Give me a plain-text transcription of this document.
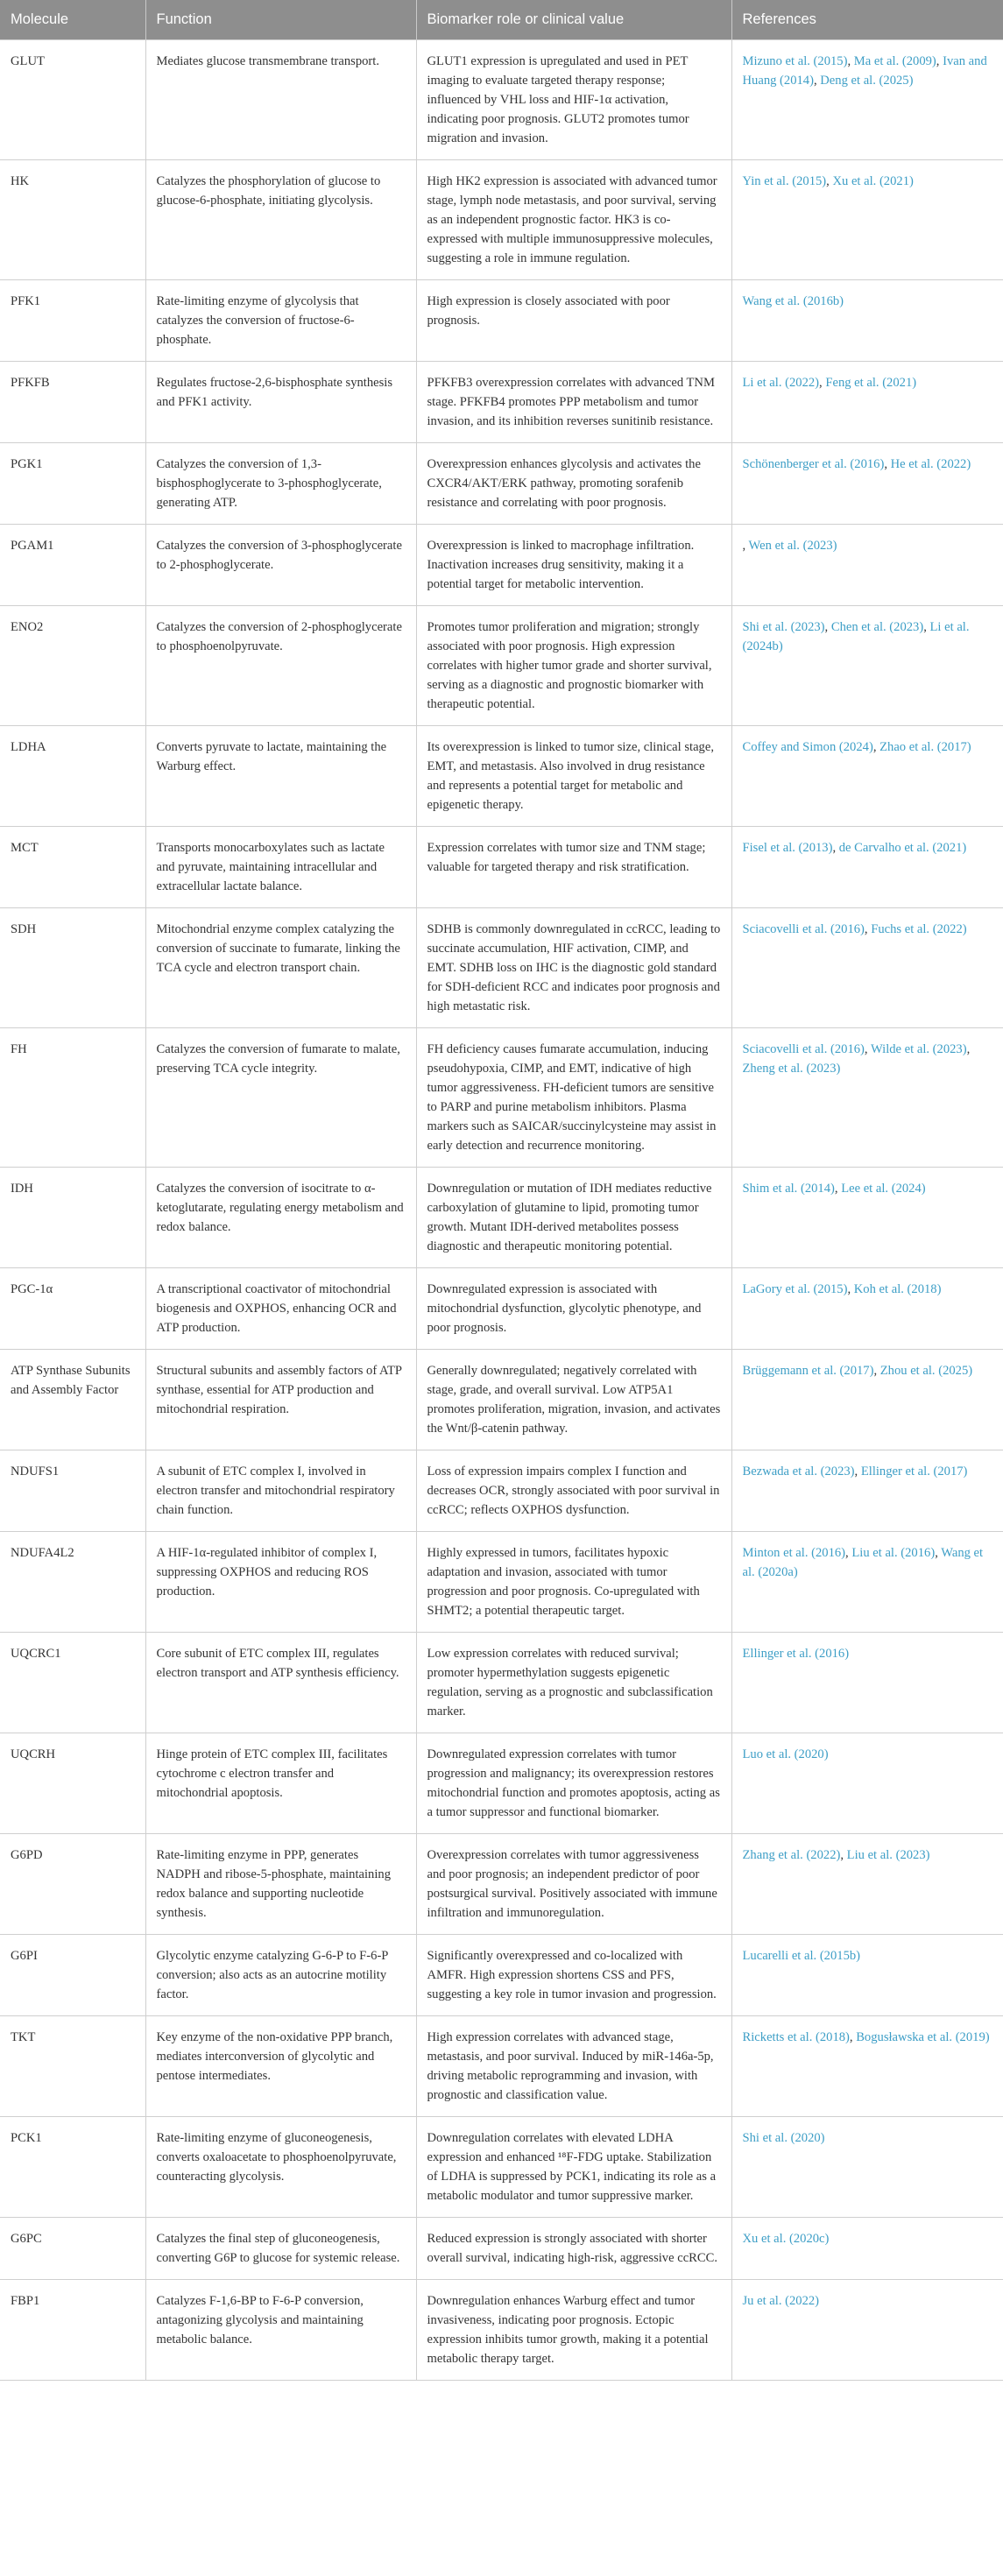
Molecule	Function	Biomarker role or clinical value	References
GLUT	Mediates glucose transmembrane transport.	GLUT1 expression is upregulated and used in PET imaging to evaluate targeted therapy response; influenced by VHL loss and HIF-1α activation, indicating poor prognosis. GLUT2 promotes tumor migration and invasion.	Mizuno et al. (2015), Ma et al. (2009), Ivan and Huang (2014), Deng et al. (2025)
HK	Catalyzes the phosphorylation of glucose to glucose-6-phosphate, initiating glycolysis.	High HK2 expression is associated with advanced tumor stage, lymph node metastasis, and poor survival, serving as an independent prognostic factor. HK3 is co-expressed with multiple immunosuppressive molecules, suggesting a role in immune regulation.	Yin et al. (2015), Xu et al. (2021)
PFK1	Rate-limiting enzyme of glycolysis that catalyzes the conversion of fructose-6-phosphate.	High expression is closely associated with poor prognosis.	Wang et al. (2016b)
PFKFB	Regulates fructose-2,6-bisphosphate synthesis and PFK1 activity.	PFKFB3 overexpression correlates with advanced TNM stage. PFKFB4 promotes PPP metabolism and tumor invasion, and its inhibition reverses sunitinib resistance.	Li et al. (2022), Feng et al. (2021)
PGK1	Catalyzes the conversion of 1,3-bisphosphoglycerate to 3-phosphoglycerate, generating ATP.	Overexpression enhances glycolysis and activates the CXCR4/AKT/ERK pathway, promoting sorafenib resistance and correlating with poor prognosis.	Schönenberger et al. (2016), He et al. (2022)
PGAM1	Catalyzes the conversion of 3-phosphoglycerate to 2-phosphoglycerate.	Overexpression is linked to macrophage infiltration. Inactivation increases drug sensitivity, making it a potential target for metabolic intervention.	, Wen et al. (2023)
ENO2	Catalyzes the conversion of 2-phosphoglycerate to phosphoenolpyruvate.	Promotes tumor proliferation and migration; strongly associated with poor prognosis. High expression correlates with higher tumor grade and shorter survival, serving as a diagnostic and prognostic biomarker with therapeutic potential.	Shi et al. (2023), Chen et al. (2023), Li et al. (2024b)
LDHA	Converts pyruvate to lactate, maintaining the Warburg effect.	Its overexpression is linked to tumor size, clinical stage, EMT, and metastasis. Also involved in drug resistance and represents a potential target for metabolic and epigenetic therapy.	Coffey and Simon (2024), Zhao et al. (2017)
MCT	Transports monocarboxylates such as lactate and pyruvate, maintaining intracellular and extracellular lactate balance.	Expression correlates with tumor size and TNM stage; valuable for targeted therapy and risk stratification.	Fisel et al. (2013), de Carvalho et al. (2021)
SDH	Mitochondrial enzyme complex catalyzing the conversion of succinate to fumarate, linking the TCA cycle and electron transport chain.	SDHB is commonly downregulated in ccRCC, leading to succinate accumulation, HIF activation, CIMP, and EMT. SDHB loss on IHC is the diagnostic gold standard for SDH-deficient RCC and indicates poor prognosis and high metastatic risk.	Sciacovelli et al. (2016), Fuchs et al. (2022)
FH	Catalyzes the conversion of fumarate to malate, preserving TCA cycle integrity.	FH deficiency causes fumarate accumulation, inducing pseudohypoxia, CIMP, and EMT, indicative of high tumor aggressiveness. FH-deficient tumors are sensitive to PARP and purine metabolism inhibitors. Plasma markers such as SAICAR/succinylcysteine may assist in early detection and recurrence monitoring.	Sciacovelli et al. (2016), Wilde et al. (2023), Zheng et al. (2023)
IDH	Catalyzes the conversion of isocitrate to α-ketoglutarate, regulating energy metabolism and redox balance.	Downregulation or mutation of IDH mediates reductive carboxylation of glutamine to lipid, promoting tumor growth. Mutant IDH-derived metabolites possess diagnostic and therapeutic monitoring potential.	Shim et al. (2014), Lee et al. (2024)
PGC-1α	A transcriptional coactivator of mitochondrial biogenesis and OXPHOS, enhancing OCR and ATP production.	Downregulated expression is associated with mitochondrial dysfunction, glycolytic phenotype, and poor prognosis.	LaGory et al. (2015), Koh et al. (2018)
ATP Synthase Subunits and Assembly Factor	Structural subunits and assembly factors of ATP synthase, essential for ATP production and mitochondrial respiration.	Generally downregulated; negatively correlated with stage, grade, and overall survival. Low ATP5A1 promotes proliferation, migration, invasion, and activates the Wnt/β-catenin pathway.	Brüggemann et al. (2017), Zhou et al. (2025)
NDUFS1	A subunit of ETC complex I, involved in electron transfer and mitochondrial respiratory chain function.	Loss of expression impairs complex I function and decreases OCR, strongly associated with poor survival in ccRCC; reflects OXPHOS dysfunction.	Bezwada et al. (2023), Ellinger et al. (2017)
NDUFA4L2	A HIF-1α-regulated inhibitor of complex I, suppressing OXPHOS and reducing ROS production.	Highly expressed in tumors, facilitates hypoxic adaptation and invasion, associated with tumor progression and poor prognosis. Co-upregulated with SHMT2; a potential therapeutic target.	Minton et al. (2016), Liu et al. (2016), Wang et al. (2020a)
UQCRC1	Core subunit of ETC complex III, regulates electron transport and ATP synthesis efficiency.	Low expression correlates with reduced survival; promoter hypermethylation suggests epigenetic regulation, serving as a prognostic and subclassification marker.	Ellinger et al. (2016)
UQCRH	Hinge protein of ETC complex III, facilitates cytochrome c electron transfer and mitochondrial apoptosis.	Downregulated expression correlates with tumor progression and malignancy; its overexpression restores mitochondrial function and promotes apoptosis, acting as a tumor suppressor and functional biomarker.	Luo et al. (2020)
G6PD	Rate-limiting enzyme in PPP, generates NADPH and ribose-5-phosphate, maintaining redox balance and supporting nucleotide synthesis.	Overexpression correlates with tumor aggressiveness and poor prognosis; an independent predictor of poor postsurgical survival. Positively associated with immune infiltration and immunoregulation.	Zhang et al. (2022), Liu et al. (2023)
G6PI	Glycolytic enzyme catalyzing G-6-P to F-6-P conversion; also acts as an autocrine motility factor.	Significantly overexpressed and co-localized with AMFR. High expression shortens CSS and PFS, suggesting a key role in tumor invasion and progression.	Lucarelli et al. (2015b)
TKT	Key enzyme of the non-oxidative PPP branch, mediates interconversion of glycolytic and pentose intermediates.	High expression correlates with advanced stage, metastasis, and poor survival. Induced by miR-146a-5p, driving metabolic reprogramming and invasion, with prognostic and classification value.	Ricketts et al. (2018), Bogusławska et al. (2019)
PCK1	Rate-limiting enzyme of gluconeogenesis, converts oxaloacetate to phosphoenolpyruvate, counteracting glycolysis.	Downregulation correlates with elevated LDHA expression and enhanced ¹⁸F-FDG uptake. Stabilization of LDHA is suppressed by PCK1, indicating its role as a metabolic modulator and tumor suppressive marker.	Shi et al. (2020)
G6PC	Catalyzes the final step of gluconeogenesis, converting G6P to glucose for systemic release.	Reduced expression is strongly associated with shorter overall survival, indicating high-risk, aggressive ccRCC.	Xu et al. (2020c)
FBP1	Catalyzes F-1,6-BP to F-6-P conversion, antagonizing glycolysis and maintaining metabolic balance.	Downregulation enhances Warburg effect and tumor invasiveness, indicating poor prognosis. Ectopic expression inhibits tumor growth, making it a potential metabolic therapy target.	Ju et al. (2022)
